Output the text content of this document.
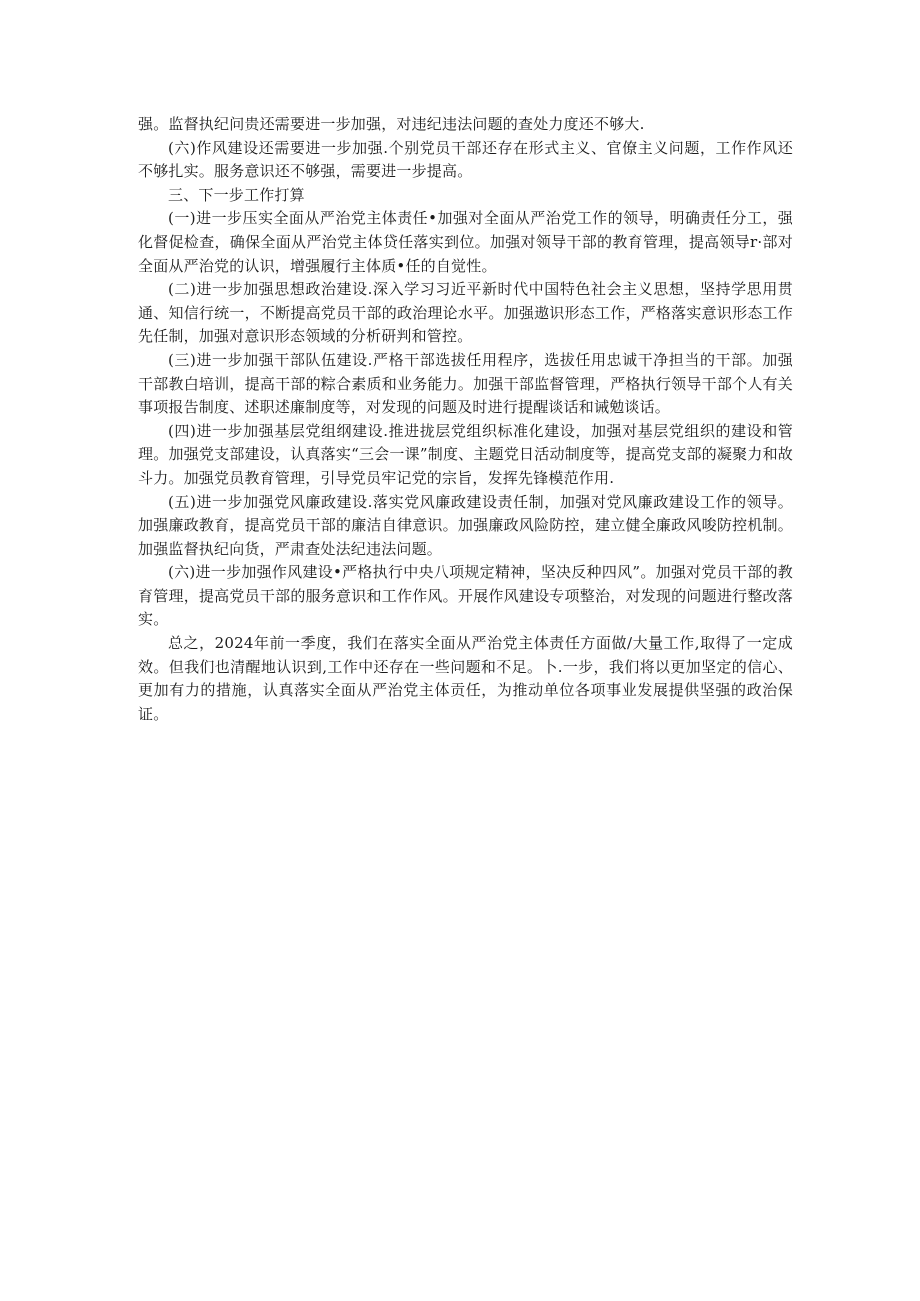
强。监督执纪问贵还需要进一步加强，对违纪违法问题的查处力度还不够大.

(六)作风建设还需要进一步加强.个别党员干部还存在形式主义、官僚主义问题，工作作风还不够扎实。服务意识还不够强，需要进一步提高。

三、下一步工作打算

(一)进一步压实全面从严治党主体责任•加强对全面从严治党工作的领导，明确责任分工，强化督促检查，确保全面从严治党主体贷任落实到位。加强对领导干部的教育管理，提高领导r·部对全面从严治党的认识，增强履行主体质•任的自觉性。

(二)进一步加强思想政治建设.深入学习习近平新时代中国特色社会主义思想，坚持学思用贯通、知信行统一，不断提高党员干部的政治理论水平。加强遨识形态工作，严格落实意识形态工作先任制，加强对意识形态领域的分析研判和管控。

(三)进一步加强干部队伍建设.严格干部选拔任用程序，选拔任用忠诚干净担当的干部。加强干部教白培训，提高干部的粽合素质和业务能力。加强干部监督管理，严格执行领导干部个人有关事项报告制度、述职述廉制度等，对发现的问题及时进行提醒谈话和诫勉谈话。

(四)进一步加强基层党组纲建设.推进拢层党组织标准化建设，加强对基层党组织的建设和管理。加强党支部建设，认真落实“三会一课”制度、主题党日活动制度等，提高党支部的凝聚力和故斗力。加强党员教育管理，引导党员牢记党的宗旨，发挥先锋模范作用.

(五)进一步加强党风廉政建设.落实党风廉政建设责任制，加强对党风廉政建设工作的领导。加强廉政教育，提高党员干部的廉洁自律意识。加强廉政风险防控，建立健全廉政风唆防控机制。加强监督执纪向货，严肃查处法纪违法问题。

(六)进一步加强作风建设•严格执行中央八项规定精神，坚决反种四风”。加强对党员干部的教育管理，提高党员干部的服务意识和工作作风。开展作风建设专项整治，对发现的问题进行整改落实。

总之，2024年前一季度，我们在落实全面从严治党主体责任方面做/大量工作,取得了一定成效。但我们也清醒地认识到,工作中还存在一些问题和不足。卜.一步，我们将以更加坚定的信心、更加有力的措施，认真落实全面从严治党主体贡任，为推动单位各项事业发展提供坚强的政治保证。
